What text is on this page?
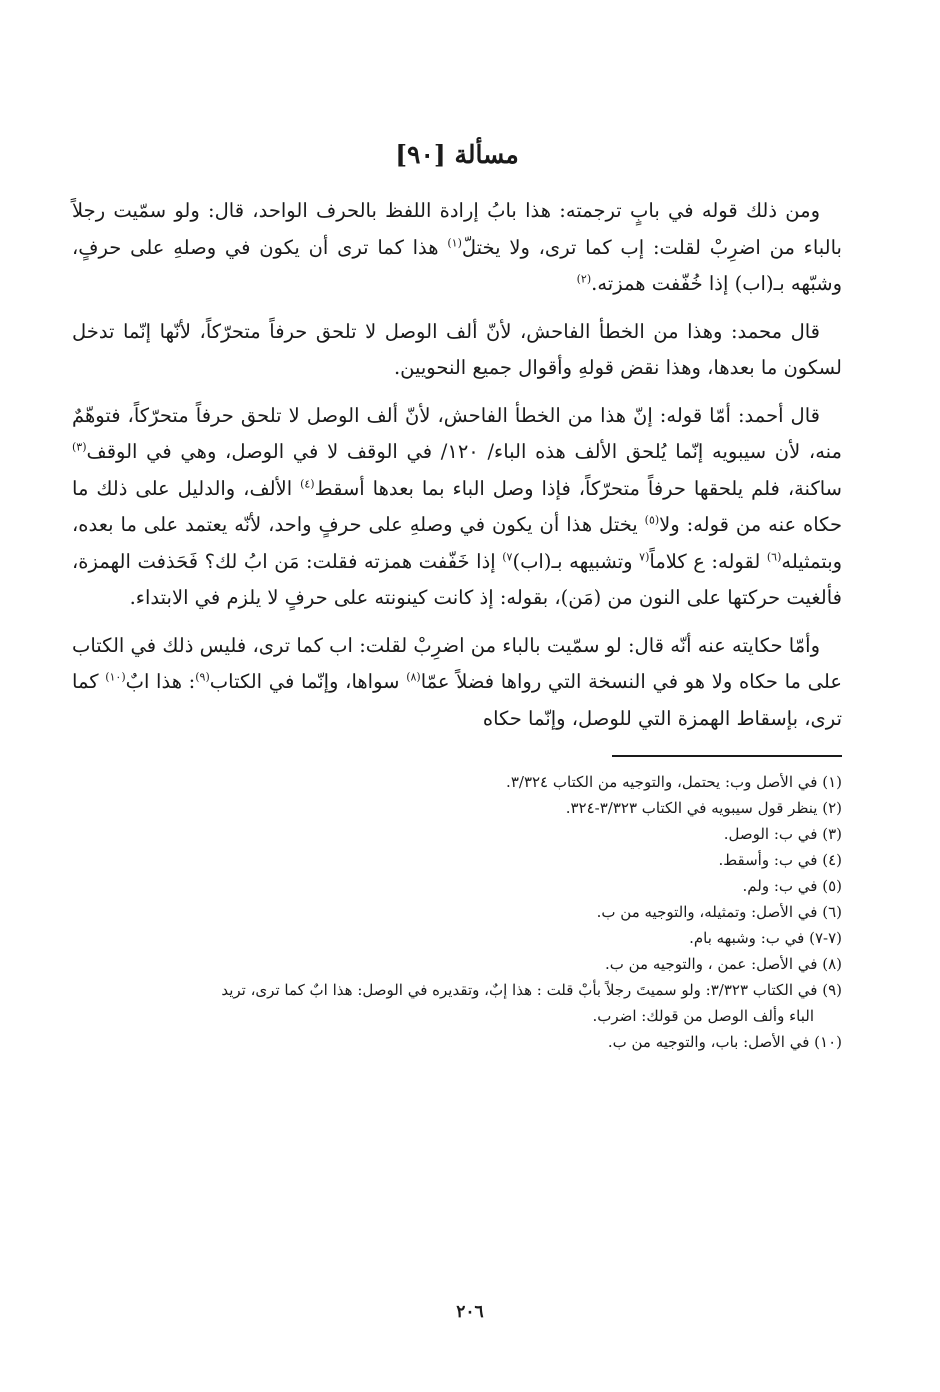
مسألة [٩٠]

ومن ذلك قوله في بابٍ ترجمته: هذا بابُ إرادة اللفظ بالحرف الواحد، قال: ولو سمّيت رجلاً بالباء من اضرِبْ لقلت: إب كما ترى، ولا يختلّ$^{(١)}$ هذا كما ترى أن يكون في وصلهِ على حرفٍ، وشبّهه بـ(اب) إذا خُفّفت همزته.$^{(٢)}$

قال محمد: وهذا من الخطأ الفاحش، لأنّ ألف الوصل لا تلحق حرفاً متحرّكاً، لأنّها إنّما تدخل لسكون ما بعدها، وهذا نقض قولهِ وأقوال جميع النحويين.

قال أحمد: أمّا قوله: إنّ هذا من الخطأ الفاحش، لأنّ ألف الوصل لا تلحق حرفاً متحرّكاً، فتوهّمٌ منه، لأن سيبويه إنّما يُلحق الألف هذه الباء/ ١٢٠/ في الوقف لا في الوصل، وهي في الوقف$^{(٣)}$ ساكنة، فلم يلحقها حرفاً متحرّكاً، فإذا وصل الباء بما بعدها أسقط$^{(٤)}$ الألف، والدليل على ذلك ما حكاه عنه من قوله: ولا$^{(٥)}$ يختل هذا أن يكون في وصلهِ على حرفٍ واحد، لأنّه يعتمد على ما بعده، وبتمثيله$^{(٦)}$ لقوله: ع كلاماً$^{(٧}$ وتشبيهه بـ(اب)$^{٧)}$ إذا خَفّفت همزته فقلت: مَن ابُ لك؟ فَحَذفت الهمزة، فألغيت حركتها على النون من (مَن)، بقوله: إذ كانت كينونته على حرفٍ لا يلزم في الابتداء.

وأمّا حكايته عنه أنّه قال: لو سمّيت بالباء من اضرِبْ لقلت: اب كما ترى، فليس ذلك في الكتاب على ما حكاه ولا هو في النسخة التي رواها فضلاً عمّا$^{(٨)}$ سواها، وإنّما في الكتاب$^{(٩)}$: هذا ابٌ$^{(١٠)}$ كما ترى، بإسقاط الهمزة التي للوصل، وإنّما حكاه

(١) في الأصل وب: يحتمل، والتوجيه من الكتاب ٣/٣٢٤.
(٢) ينظر قول سيبويه في الكتاب ٣/٣٢٣-٣٢٤.
(٣) في ب: الوصل.
(٤) في ب: وأسقط.
(٥) في ب: ولم.
(٦) في الأصل: وتمثيله، والتوجيه من ب.
(٧-٧) في ب: وشبهه بام.
(٨) في الأصل: عمن ، والتوجيه من ب.
(٩) في الكتاب ٣/٣٢٣: ولو سميتَ رجلاً بأبْ قلت : هذا إبٌ، وتقديره في الوصل: هذا ابٌ كما ترى، تريد
الباء وألف الوصل من قولك: اضرب.
(١٠) في الأصل: باب، والتوجيه من ب.
٢٠٦
